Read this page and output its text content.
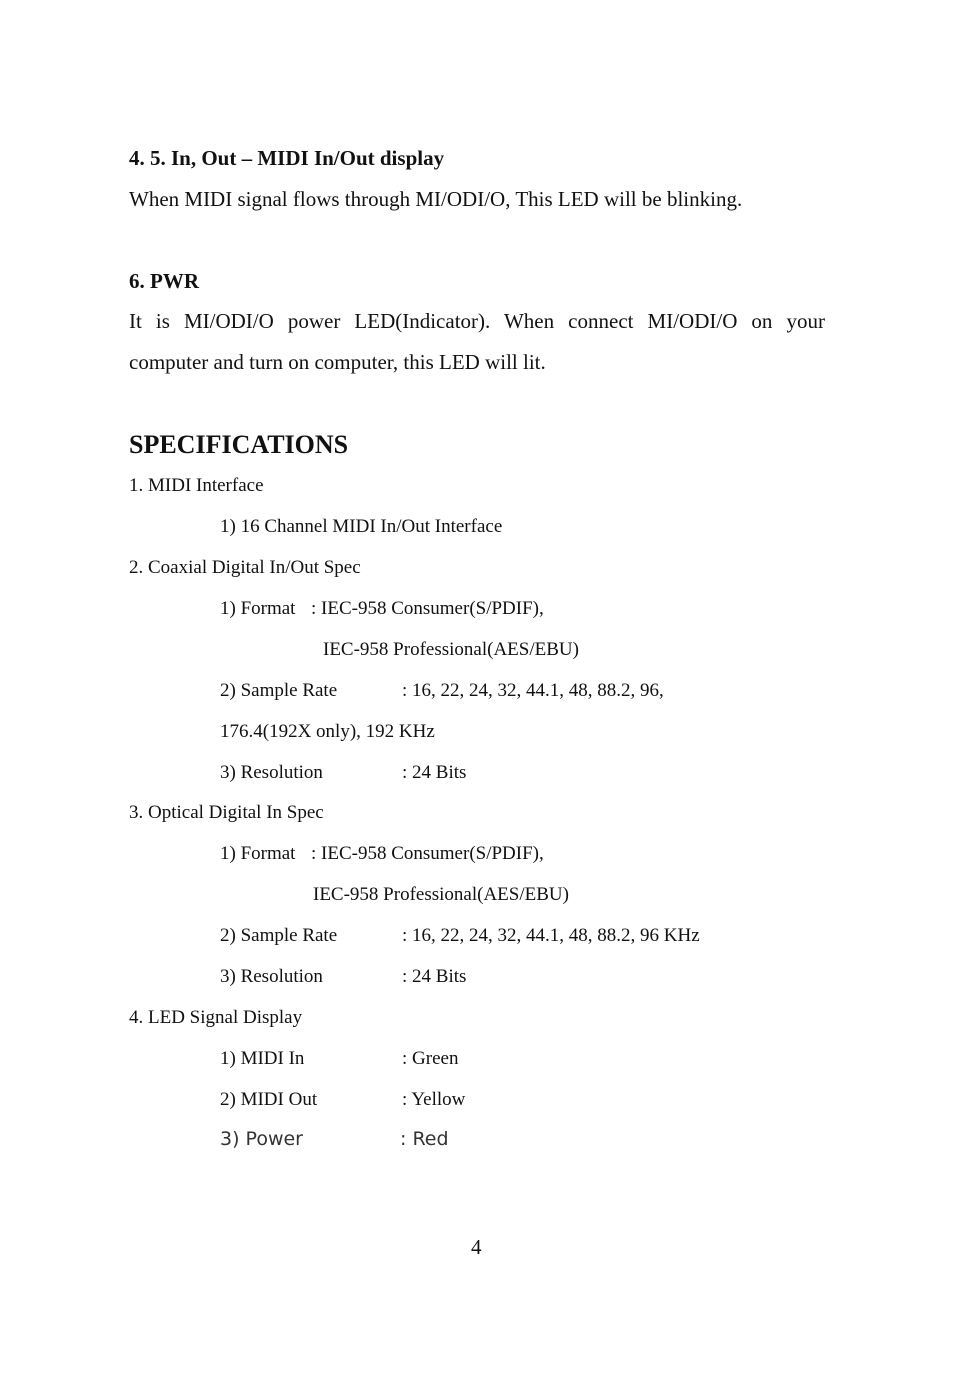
4. 5. In, Out – MIDI In/Out display
When MIDI signal flows through MI/ODI/O, This LED will be blinking.
6. PWR
It is MI/ODI/O power LED(Indicator). When connect MI/ODI/O on your
computer and turn on computer, this LED will lit.
SPECIFICATIONS
1. MIDI Interface
1) 16 Channel MIDI In/Out Interface
2. Coaxial Digital In/Out Spec
1) Format : IEC-958 Consumer(S/PDIF),
IEC-958 Professional(AES/EBU)
2) Sample Rate	: 16, 22, 24, 32, 44.1, 48, 88.2, 96,
176.4(192X only), 192 KHz
3) Resolution	: 24 Bits
3. Optical Digital In Spec
1) Format : IEC-958 Consumer(S/PDIF),
IEC-958 Professional(AES/EBU)
2) Sample Rate	: 16, 22, 24, 32, 44.1, 48, 88.2, 96 KHz
3) Resolution	: 24 Bits
4. LED Signal Display
1) MIDI In	: Green
2) MIDI Out	: Yellow
3) Power	: Red
4
